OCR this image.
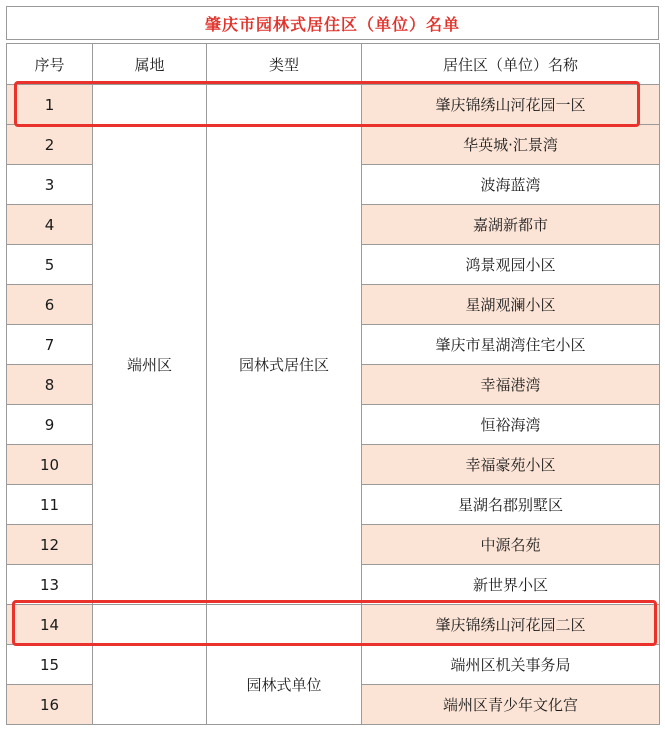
肇庆市园林式居住区（单位）名单
序号	属地	类型	居住区（单位）名称
1			肇庆锦绣山河花园一区
2	端州区	园林式居住区	华英城·汇景湾
3			波海蓝湾
4			嘉湖新都市
5			鸿景观园小区
6			星湖观澜小区
7			肇庆市星湖湾住宅小区
8			幸福港湾
9			恒裕海湾
10			幸福豪苑小区
11			星湖名郡别墅区
12			中源名苑
13			新世界小区
14			肇庆锦绣山河花园二区
15		园林式单位	端州区机关事务局
16			端州区青少年文化宫
